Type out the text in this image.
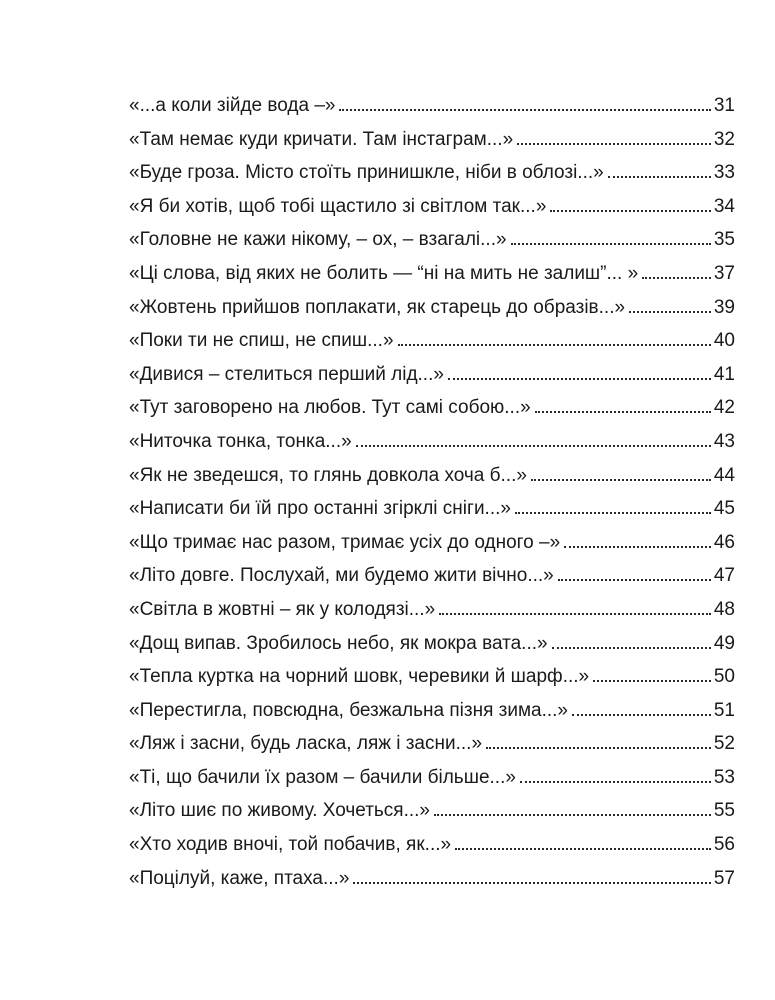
«...а коли зійде вода –»	31
«Там немає куди кричати. Там інстаграм...»	32
«Буде гроза. Місто стоїть принишкле, ніби в облозі...»	33
«Я би хотів, щоб тобі щастило зі світлом так...»	34
«Головне не кажи нікому, – ох, – взагалі...»	35
«Ці слова, від яких не болить — “ні на мить не залиш”... »	37
«Жовтень прийшов поплакати, як старець до образів...»	39
«Поки ти не спиш, не спиш...»	40
«Дивися – стелиться перший лід...»	41
«Тут заговорено на любов. Тут самі собою...»	42
«Ниточка тонка, тонка...»	43
«Як не зведешся, то глянь довкола хоча б...»	44
«Написати би їй про останні згірклі сніги...»	45
«Що тримає нас разом, тримає усіх до одного –»	46
«Літо довге. Послухай, ми будемо жити вічно...»	47
«Світла в жовтні – як у колодязі...»	48
«Дощ випав. Зробилось небо, як мокра вата...»	49
«Тепла куртка на чорний шовк, черевики й шарф...»	50
«Перестигла, повсюдна, безжальна пізня зима...»	51
«Ляж і засни, будь ласка, ляж і засни...»	52
«Ті, що бачили їх разом – бачили більше...»	53
«Літо шиє по живому. Хочеться...»	55
«Хто ходив вночі, той побачив, як...»	56
«Поцілуй, каже, птаха...»	57
